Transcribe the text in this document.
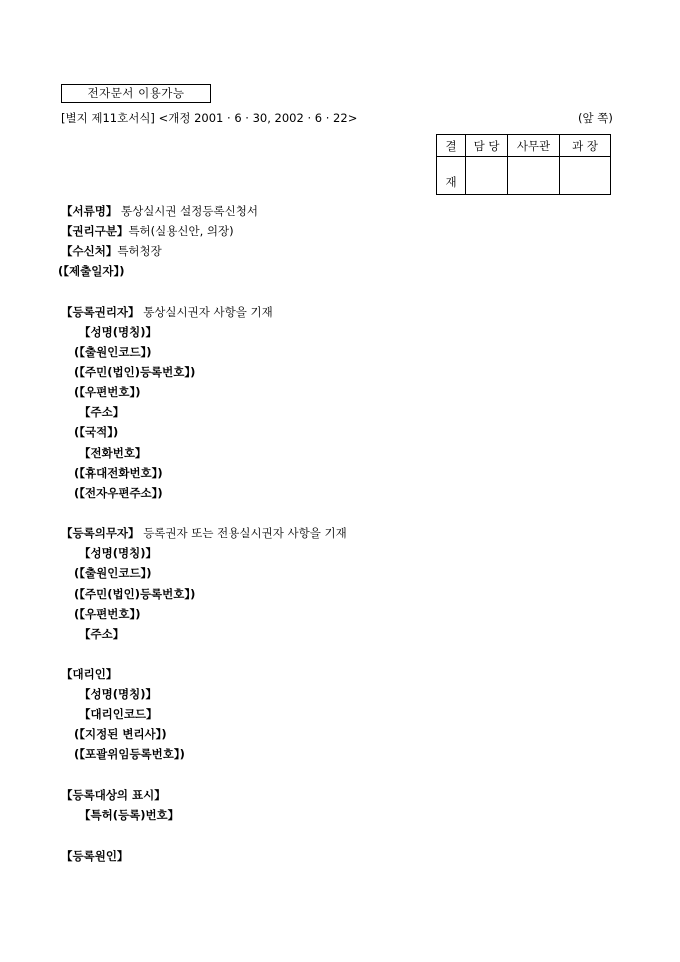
전자문서 이용가능
[별지 제11호서식] <개정 2001 · 6 · 30, 2002 · 6 · 22>	(앞 쪽)
결	담 당	사무관	과 장
재			
【서류명】 통상실시권 설정등록신청서
【권리구분】특허(실용신안, 의장)
【수신처】특허청장
(【제출일자】)
【등록권리자】 통상실시권자 사항을 기재
【성명(명칭)】
(【출원인코드】)
(【주민(법인)등록번호】)
(【우편번호】)
【주소】
(【국적】)
【전화번호】
(【휴대전화번호】)
(【전자우편주소】)
【등록의무자】 등록권자 또는 전용실시권자 사항을 기재
【성명(명칭)】
(【출원인코드】)
(【주민(법인)등록번호】)
(【우편번호】)
【주소】
【대리인】
【성명(명칭)】
【대리인코드】
(【지정된 변리사】)
(【포괄위임등록번호】)
【등록대상의 표시】
【특허(등록)번호】
【등록원인】
